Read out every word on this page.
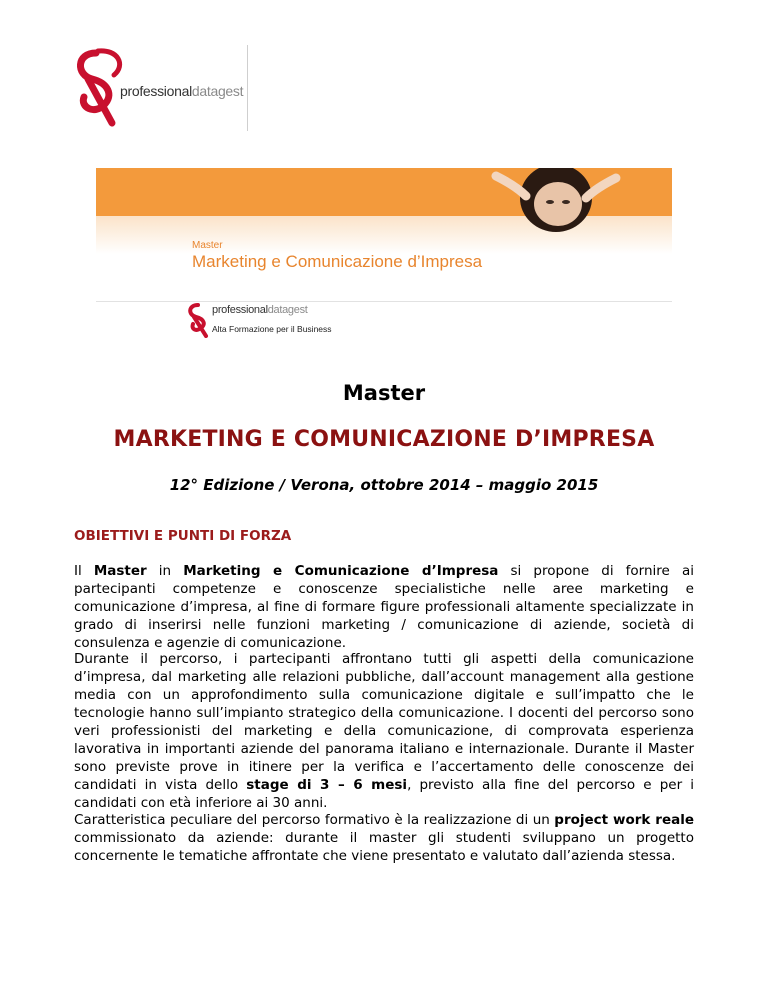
professionaldatagest
Master
Marketing e Comunicazione d’Impresa
professionaldatagest
Alta Formazione per il Business
Master
MARKETING E COMUNICAZIONE D’IMPRESA
12° Edizione / Verona, ottobre 2014 – maggio 2015
OBIETTIVI E PUNTI DI FORZA

Il Master in Marketing e Comunicazione d’Impresa si propone di fornire ai partecipanti competenze e conoscenze specialistiche nelle aree marketing e comunicazione d’impresa, al fine di formare figure professionali altamente specializzate in grado di inserirsi nelle funzioni marketing / comunicazione di aziende, società di consulenza e agenzie di comunicazione.

Durante il percorso, i partecipanti affrontano tutti gli aspetti della comunicazione d’impresa, dal marketing alle relazioni pubbliche, dall’account management alla gestione media con un approfondimento sulla comunicazione digitale e sull’impatto che le tecnologie hanno sull’impianto strategico della comunicazione. I docenti del percorso sono veri professionisti del marketing e della comunicazione, di comprovata esperienza lavorativa in importanti aziende del panorama italiano e internazionale. Durante il Master sono previste prove in itinere per la verifica e l’accertamento delle conoscenze dei candidati in vista dello stage di 3 – 6 mesi, previsto alla fine del percorso e per i candidati con età inferiore ai 30 anni.

Caratteristica peculiare del percorso formativo è la realizzazione di un project work reale commissionato da aziende: durante il master gli studenti sviluppano un progetto concernente le tematiche affrontate che viene presentato e valutato dall’azienda stessa.
